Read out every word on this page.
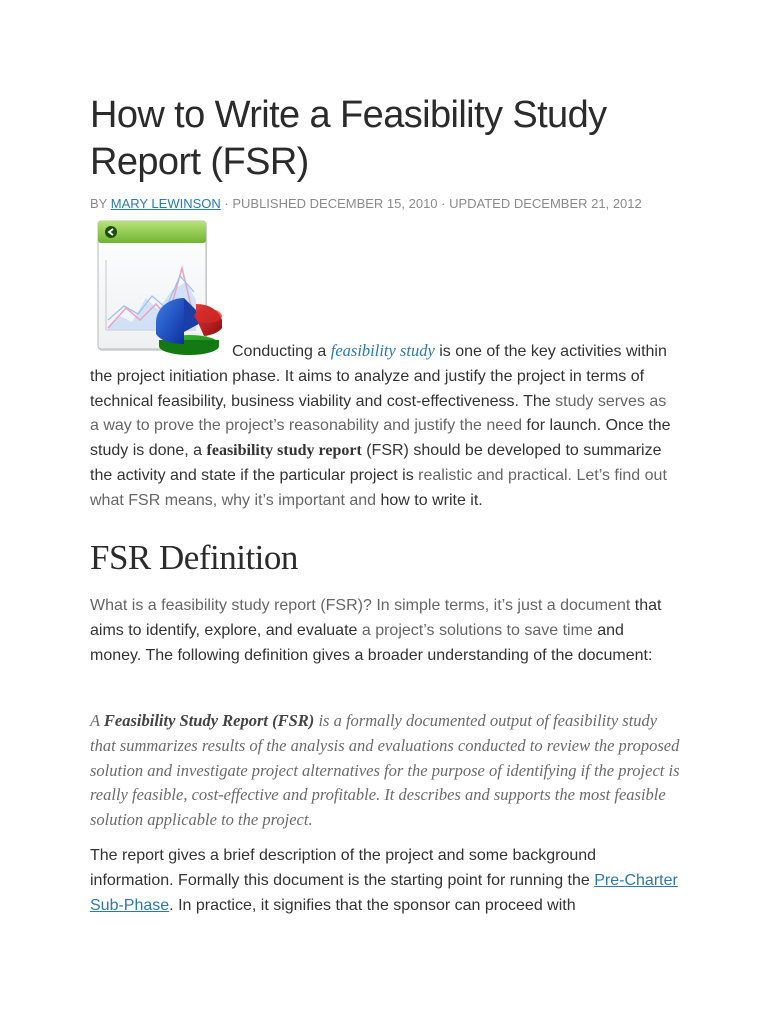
How to Write a Feasibility Study Report (FSR)
BY MARY LEWINSON · PUBLISHED DECEMBER 15, 2010 · UPDATED DECEMBER 21, 2012

Conducting a feasibility study is one of the key activities within the project initiation phase. It aims to analyze and justify the project in terms of technical feasibility, business viability and cost-effectiveness. The study serves as a way to prove the project’s reasonability and justify the need for launch. Once the study is done, a feasibility study report (FSR) should be developed to summarize the activity and state if the particular project is realistic and practical. Let’s find out what FSR means, why it’s important and how to write it.

FSR Definition

What is a feasibility study report (FSR)? In simple terms, it’s just a document that aims to identify, explore, and evaluate a project’s solutions to save time and money. The following definition gives a broader understanding of the document:

A Feasibility Study Report (FSR) is a formally documented output of feasibility study that summarizes results of the analysis and evaluations conducted to review the proposed solution and investigate project alternatives for the purpose of identifying if the project is really feasible, cost-effective and profitable. It describes and supports the most feasible solution applicable to the project.

The report gives a brief description of the project and some background information. Formally this document is the starting point for running the Pre-Charter Sub-Phase. In practice, it signifies that the sponsor can proceed with
